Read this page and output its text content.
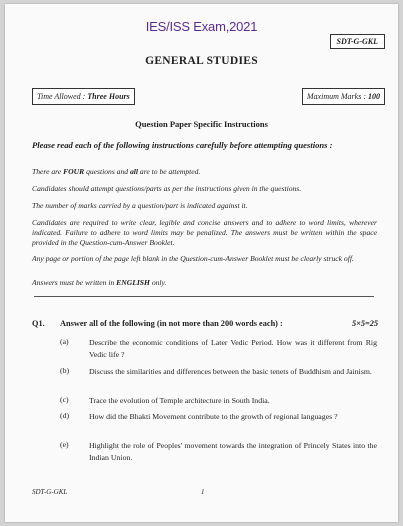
IES/ISS Exam,2021
SDT-G-GKL
GENERAL STUDIES
Time Allowed : Three Hours	Maximum Marks : 100
Question Paper Specific Instructions
Please read each of the following instructions carefully before attempting questions :
There are FOUR questions and all are to be attempted.
Candidates should attempt questions/parts as per the instructions given in the questions.
The number of marks carried by a question/part is indicated against it.
Candidates are required to write clear, legible and concise answers and to adhere to word limits, wherever indicated. Failure to adhere to word limits may be penalized. The answers must be written within the space provided in the Question-cum-Answer Booklet.
Any page or portion of the page left blank in the Question-cum-Answer Booklet must be clearly struck off.
Answers must be written in ENGLISH only.
Q1. Answer all of the following (in not more than 200 words each) :	5×5=25
(a)	Describe the economic conditions of Later Vedic Period. How was it different from Rig Vedic life ?
(b)	Discuss the similarities and differences between the basic tenets of Buddhism and Jainism.
(c)	Trace the evolution of Temple architecture in South India.
(d)	How did the Bhakti Movement contribute to the growth of regional languages ?
(e)	Highlight the role of Peoples' movement towards the integration of Princely States into the Indian Union.
SDT-G-GKL	1
